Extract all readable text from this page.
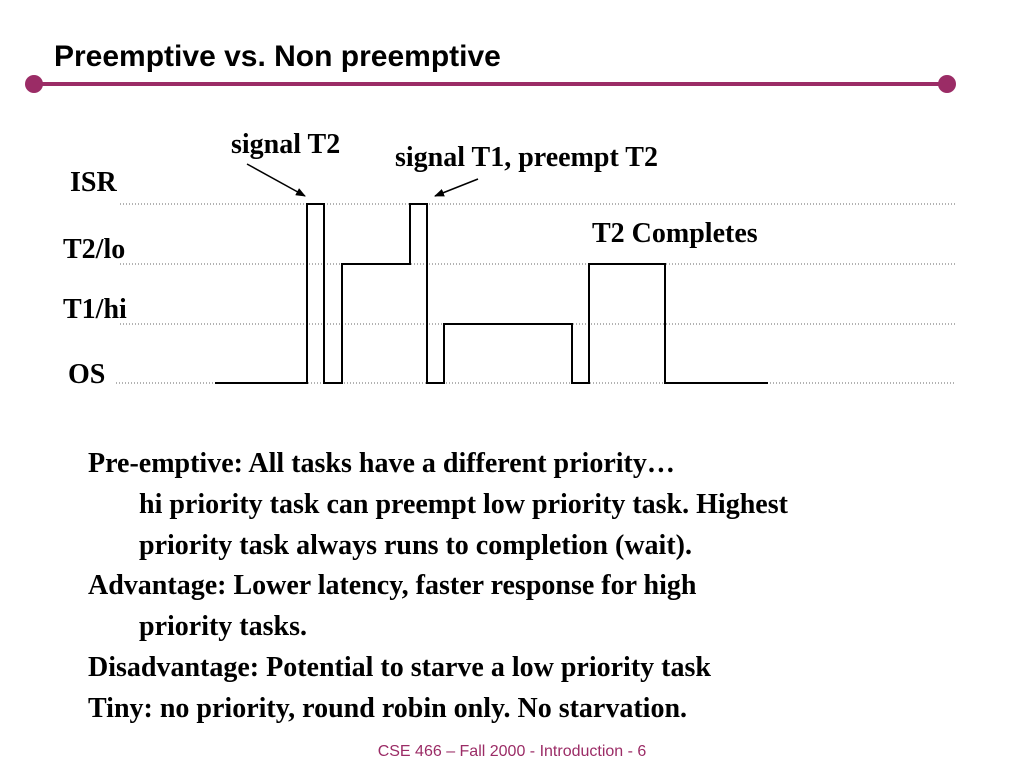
Preemptive vs. Non preemptive
ISR
T2/lo
T1/hi
OS
signal T2 signal T1, preempt T2
T2 Completes

Pre-emptive: All tasks have a different priority…

hi priority task can preempt low priority task. Highest

priority task always runs to completion (wait).

Advantage: Lower latency, faster response for high

priority tasks.

Disadvantage: Potential to starve a low priority task

Tiny: no priority, round robin only. No starvation.

CSE 466 – Fall 2000 - Introduction - 6
